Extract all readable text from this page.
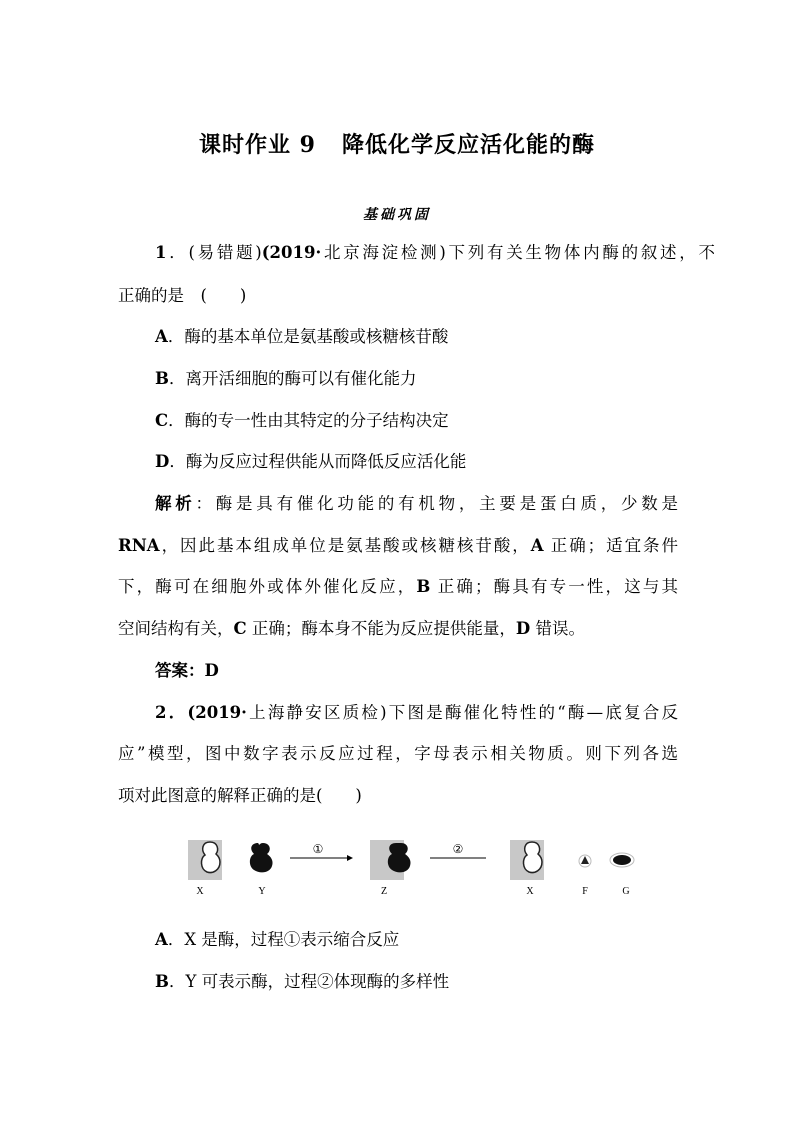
课时作业 9 降低化学反应活化能的酶
基础巩固
1．(易错题)(2019·北京海淀检测)下列有关生物体内酶的叙述，不
正确的是　(　　)
A．酶的基本单位是氨基酸或核糖核苷酸
B．离开活细胞的酶可以有催化能力
C．酶的专一性由其特定的分子结构决定
D．酶为反应过程供能从而降低反应活化能
解析：酶是具有催化功能的有机物，主要是蛋白质，少数是
RNA，因此基本组成单位是氨基酸或核糖核苷酸，A 正确；适宜条件
下，酶可在细胞外或体外催化反应，B 正确；酶具有专一性，这与其
空间结构有关，C 正确；酶本身不能为反应提供能量，D 错误。
答案：D
2．(2019·上海静安区质检)下图是酶催化特性的“酶—底复合反
应”模型，图中数字表示反应过程，字母表示相关物质。则下列各选
项对此图意的解释正确的是(　　)
①	②
X	Y	Z	X	F	G
A．X 是酶，过程①表示缩合反应
B．Y 可表示酶，过程②体现酶的多样性
